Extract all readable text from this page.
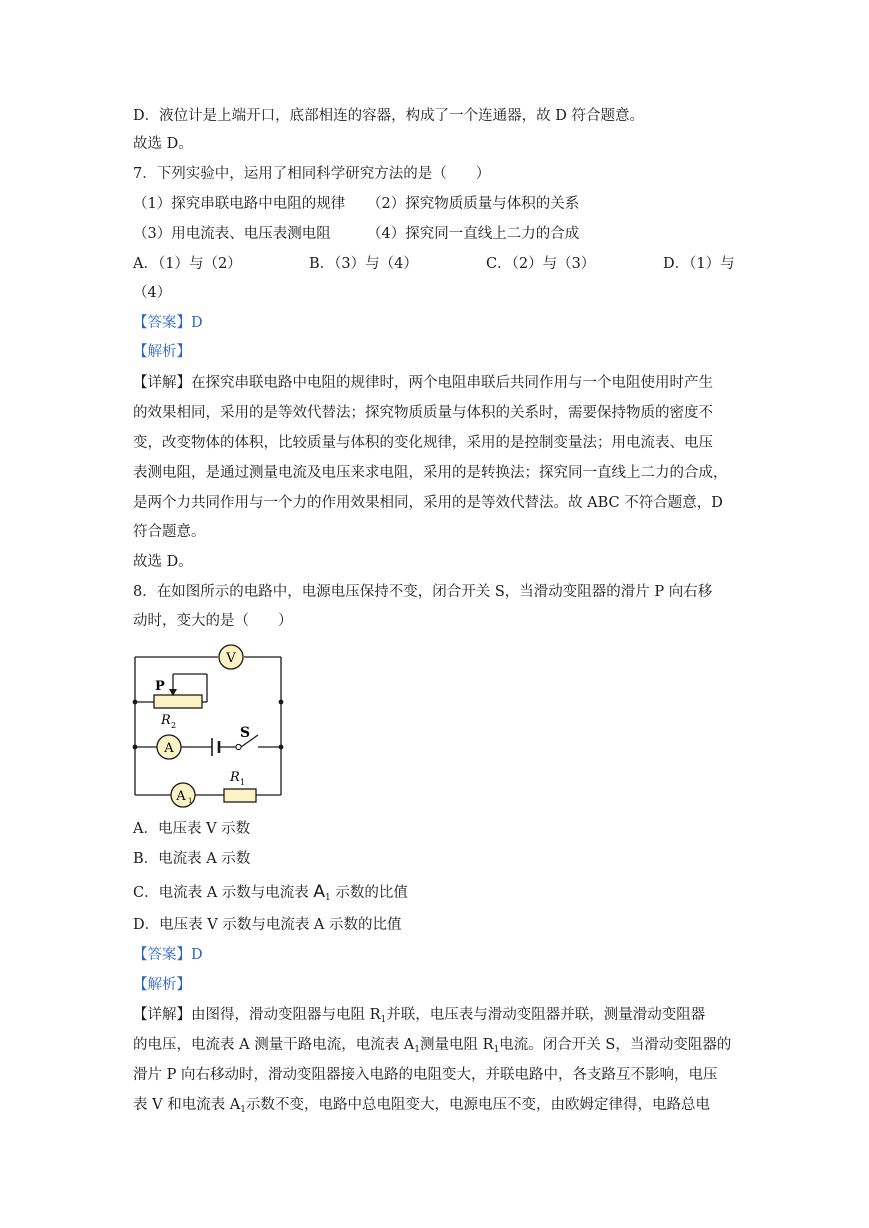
D．液位计是上端开口，底部相连的容器，构成了一个连通器，故 D 符合题意。
故选 D。
7．下列实验中，运用了相同科学研究方法的是（　　）
（1）探究串联电路中电阻的规律　　（2）探究物质质量与体积的关系
（3）用电流表、电压表测电阻　　　（4）探究同一直线上二力的合成
A．（1）与（2）	B．（3）与（4）	C．（2）与（3）	D．（1）与
（4）
【答案】D
【解析】
【详解】在探究串联电路中电阻的规律时，两个电阻串联后共同作用与一个电阻使用时产生
的效果相同，采用的是等效代替法；探究物质质量与体积的关系时，需要保持物质的密度不
变，改变物体的体积，比较质量与体积的变化规律，采用的是控制变量法；用电流表、电压
表测电阻，是通过测量电流及电压来求电阻，采用的是转换法；探究同一直线上二力的合成，
是两个力共同作用与一个力的作用效果相同，采用的是等效代替法。故 ABC 不符合题意，D
符合题意。
故选 D。
8．在如图所示的电路中，电源电压保持不变，闭合开关 S，当滑动变阻器的滑片 P 向右移
动时，变大的是（　　）
V
P
R 2
A
S
A 1
R 1
A．电压表 V 示数
B．电流表 A 示数
C．电流表 A 示数与电流表 $A_1$ 示数的比值
D．电压表 V 示数与电流表 A 示数的比值
【答案】D
【解析】
【详解】由图得，滑动变阻器与电阻 $R_1$并联，电压表与滑动变阻器并联，测量滑动变阻器
的电压，电流表 A 测量干路电流，电流表 $A_1$测量电阻 $R_1$电流。闭合开关 S，当滑动变阻器的
滑片 P 向右移动时，滑动变阻器接入电路的电阻变大，并联电路中，各支路互不影响，电压
表 V 和电流表 $A_1$示数不变，电路中总电阻变大，电源电压不变，由欧姆定律得，电路总电
